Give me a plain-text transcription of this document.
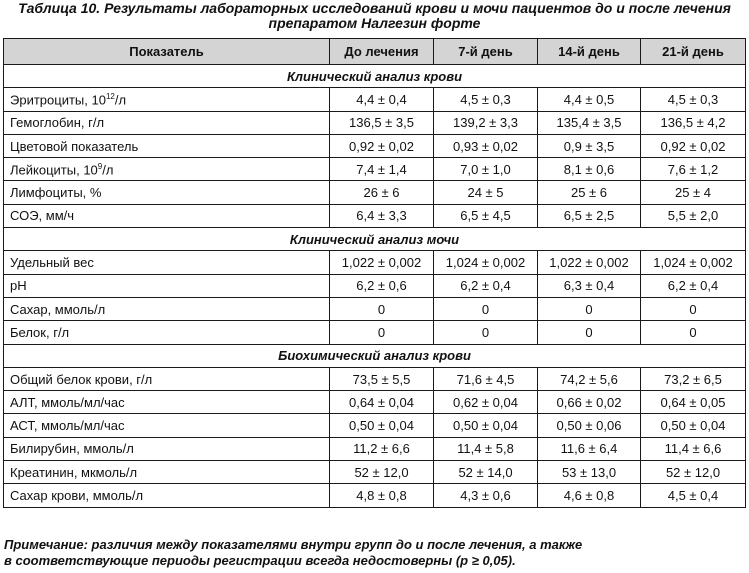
Таблица 10. Результаты лабораторных исследований крови и мочи пациентов до и после лечения
препаратом Налгезин форте
Показатель	До лечения	7-й день	14-й день	21-й день
Клинический анализ крови				
Эритроциты, $10^{12}/л$	4,4 ± 0,4	4,5 ± 0,3	4,4 ± 0,5	4,5 ± 0,3
Гемоглобин, г/л	136,5 ± 3,5	139,2 ± 3,3	135,4 ± 3,5	136,5 ± 4,2
Цветовой показатель	0,92 ± 0,02	0,93 ± 0,02	0,9 ± 3,5	0,92 ± 0,02
Лейкоциты, $10^9/л$	7,4 ± 1,4	7,0 ± 1,0	8,1 ± 0,6	7,6 ± 1,2
Лимфоциты, %	26 ± 6	24 ± 5	25 ± 6	25 ± 4
СОЭ, мм/ч	6,4 ± 3,3	6,5 ± 4,5	6,5 ± 2,5	5,5 ± 2,0
Клинический анализ мочи				
Удельный вес	1,022 ± 0,002	1,024 ± 0,002	1,022 ± 0,002	1,024 ± 0,002
pH	6,2 ± 0,6	6,2 ± 0,4	6,3 ± 0,4	6,2 ± 0,4
Сахар, ммоль/л	0	0	0	0
Белок, г/л	0	0	0	0
Биохимический анализ крови				
Общий белок крови, г/л	73,5 ± 5,5	71,6 ± 4,5	74,2 ± 5,6	73,2 ± 6,5
АЛТ, ммоль/мл/час	0,64 ± 0,04	0,62 ± 0,04	0,66 ± 0,02	0,64 ± 0,05
АСТ, ммоль/мл/час	0,50 ± 0,04	0,50 ± 0,04	0,50 ± 0,06	0,50 ± 0,04
Билирубин, ммоль/л	11,2 ± 6,6	11,4 ± 5,8	11,6 ± 6,4	11,4 ± 6,6
Креатинин, мкмоль/л	52 ± 12,0	52 ± 14,0	53 ± 13,0	52 ± 12,0
Сахар крови, ммоль/л	4,8 ± 0,8	4,3 ± 0,6	4,6 ± 0,8	4,5 ± 0,4
Примечание: различия между показателями внутри групп до и после лечения, а также
в соответствующие периоды регистрации всегда недостоверны (p ≥ 0,05).
